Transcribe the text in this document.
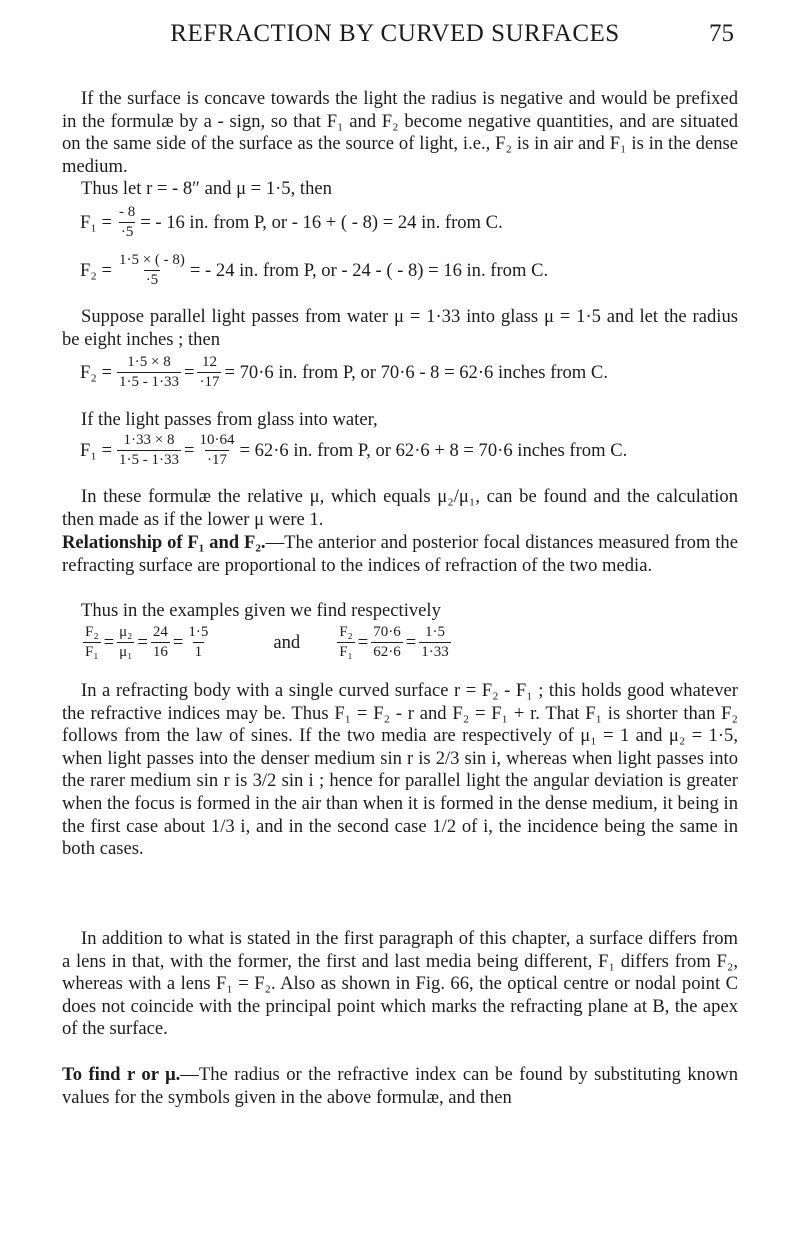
REFRACTION BY CURVED SURFACES	75

If the surface is concave towards the light the radius is negative and would be prefixed in the formulæ by a - sign, so that F₁ and F₂ become negative quantities, and are situated on the same side of the surface as the source of light, i.e., F₂ is in air and F₁ is in the dense medium.

Thus let r = - 8″ and μ = 1·5, then

$F_1 = \frac{- 8}{\cdot 5}$ = - 16 in. from P, or - 16 + ( - 8) = 24 in. from C.
$F_2 = \frac{1\cdot 5 \times ( - 8)}{\cdot 5}$ = - 24 in. from P, or - 24 - ( - 8) = 16 in. from C.

Suppose parallel light passes from water μ = 1·33 into glass μ = 1·5 and let the radius be eight inches ; then

$F_2 = \frac{1\cdot 5 \times 8}{1\cdot 5 - 1\cdot 33} = \frac{12}{\cdot 17} = 70\cdot 6$ in. from P, or 70·6 - 8 = 62·6 inches from C.

If the light passes from glass into water,

$F_1 = \frac{1\cdot 33 \times 8}{1\cdot 5 - 1\cdot 33} = \frac{10\cdot 64}{\cdot 17} = 62\cdot 6$ in. from P, or 62·6 + 8 = 70·6 inches from C.

In these formulæ the relative μ, which equals μ₂/μ₁, can be found and the calculation then made as if the lower μ were 1.

Relationship of F₁ and F₂.—The anterior and posterior focal distances measured from the refracting surface are proportional to the indices of refraction of the two media.

Thus in the examples given we find respectively

$\frac{\text{F₂}}{\text{F₁}} = \frac{\text{μ₂}}{\text{μ₁}} = \frac{24}{16} = \frac{1\cdot 5}{1}$	and $\frac{\text{F₂}}{\text{F₁}} = \frac{70\cdot 6}{62\cdot 6} = \frac{1\cdot 5}{1\cdot 33}$

In a refracting body with a single curved surface r = F₂ - F₁ ; this holds good whatever the refractive indices may be. Thus F₁ = F₂ - r and F₂ = F₁ + r. That F₁ is shorter than F₂ follows from the law of sines. If the two media are respectively of μ₁ = 1 and μ₂ = 1·5, when light passes into the denser medium sin r is 2/3 sin i, whereas when light passes into the rarer medium sin r is 3/2 sin i ; hence for parallel light the angular deviation is greater when the focus is formed in the air than when it is formed in the dense medium, it being in the first case about 1/3 i, and in the second case 1/2 of i, the incidence being the same in both cases.

In addition to what is stated in the first paragraph of this chapter, a surface differs from a lens in that, with the former, the first and last media being different, F₁ differs from F₂, whereas with a lens F₁ = F₂. Also as shown in Fig. 66, the optical centre or nodal point C does not coincide with the principal point which marks the refracting plane at B, the apex of the surface.

To find r or μ.—The radius or the refractive index can be found by substituting known values for the symbols given in the above formulæ, and then
